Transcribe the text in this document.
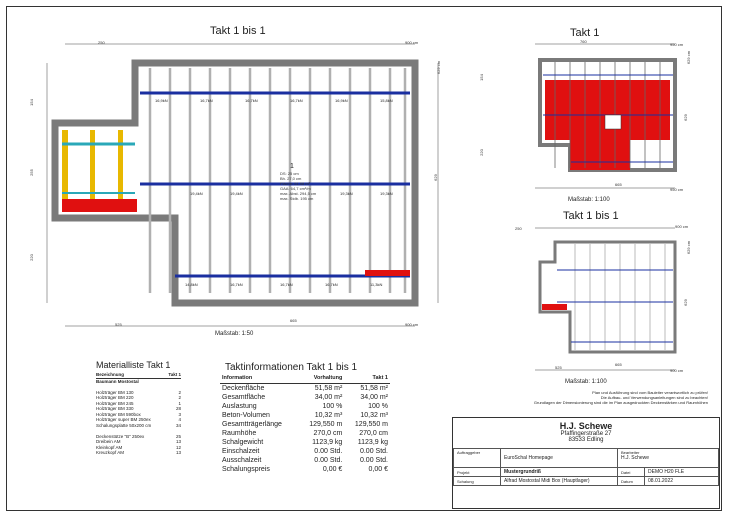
Takt 1 bis 1
1
DS: 25 cm
Bh. 27,0 cm
Fläche: 51,58 m²
GAA: 64,7 cm²/m
max. Abst. 294,5 cm
max. Stdb. 195 cm
16,9kN	16,7kN	16,7kN	16,7kN	16,9kN	15,8kN
19,4kN	19,4kN	19,3kN	19,3kN
14,8kN	16,7kN	16,7kN	16,7kN	11,3kN
250	900 cm
525
665
900 cm
629 cm
629
154
255
220
Maßstab: 1:50
Takt 1
760
950 cm
665
950 cm
629 cm
629
154
220
Maßstab: 1:100
Takt 1 bis 1
250	900 cm
525
665
900 cm
629 cm
629
Maßstab: 1:100
Materialliste Takt 1
Bezeichnung	Takt 1
Baumann Mostostal	

Holzträger BM 130	2
Holzträger BM 220	2
Holzträger BM 245	1
Holzträger BM 330	28
Holzträger BM 590box	3
Holzträger super BM 250ex	4
Schalungsplatte 50x200 cm	34

Deckenstütze "B" 250ex	25
Dreibein AM	13
Kleinkopf AM	12
Kreuzkopf AM	13
Taktinformationen Takt 1 bis 1
Information	Vorhaltung	Takt 1
Deckenfläche	51,58 m²	51,58 m²
Gesamtfläche	34,00 m²	34,00 m²
Auslastung	100 %	100 %
Beton-Volumen	10,32 m³	10,32 m³
Gesamtträgerlänge	129,550 m	129,550 m
Raumhöhe	270,0 cm	270,0 cm
Schalgewicht	1123,9 kg	1123,9 kg
Einschalzeit	0.00 Std.	0.00 Std.
Ausschalzeit	0.00 Std.	0.00 Std.
Schalungspreis	0,00 €	0,00 €
Plan und Ausführung sind vom Bauleiter verantwortlich zu prüfen!
Die Aufbau- und Verwendungsanleitungen sind zu beachten!
Grundlagen der Dimensionierung sind die im Plan ausgedruckten Deckenstärken und Raumhöhen
H.J. Schewe
Pfaffingerstraße 27
83533 Edling
Auftraggeber	EuroSchal Homepage	Bearbeiter
H.J. Schewe	

Projekt	Mustergrundriß	Datei	DEMO H20 FLE
Schalung	Alfrad Mostostal Midi Box (Hauptlager)	Datum	08.01.2022
